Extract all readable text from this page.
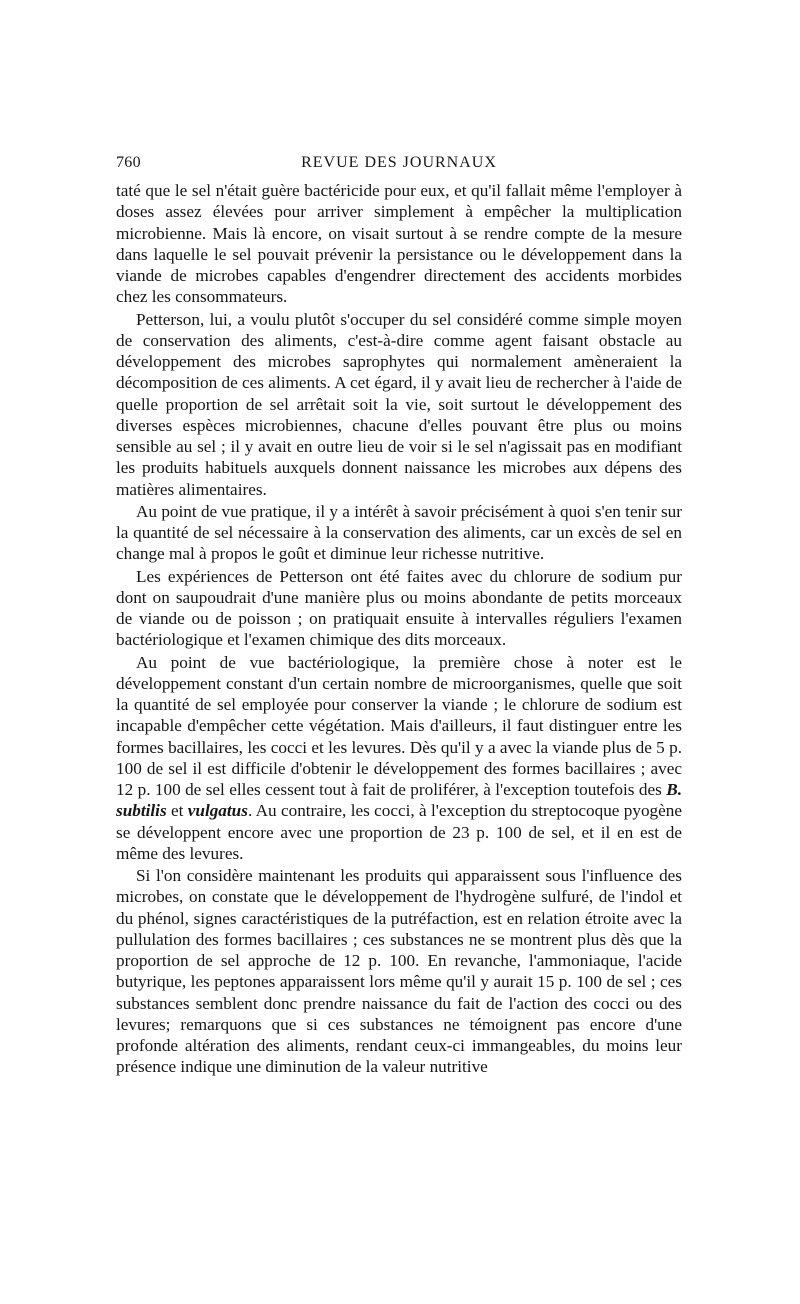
760	REVUE DES JOURNAUX

taté que le sel n'était guère bactéricide pour eux, et qu'il fallait même l'employer à doses assez élevées pour arriver simplement à empêcher la multiplication microbienne. Mais là encore, on visait surtout à se rendre compte de la mesure dans laquelle le sel pouvait prévenir la persistance ou le développement dans la viande de microbes capables d'engendrer directement des accidents morbides chez les consommateurs.

Petterson, lui, a voulu plutôt s'occuper du sel considéré comme simple moyen de conservation des aliments, c'est-à-dire comme agent faisant obstacle au développement des microbes saprophytes qui normalement amèneraient la décomposition de ces aliments. A cet égard, il y avait lieu de rechercher à l'aide de quelle proportion de sel arrêtait soit la vie, soit surtout le développement des diverses espèces microbiennes, chacune d'elles pouvant être plus ou moins sensible au sel ; il y avait en outre lieu de voir si le sel n'agissait pas en modifiant les produits habituels auxquels donnent naissance les microbes aux dépens des matières alimentaires.

Au point de vue pratique, il y a intérêt à savoir précisément à quoi s'en tenir sur la quantité de sel nécessaire à la conservation des aliments, car un excès de sel en change mal à propos le goût et diminue leur richesse nutritive.

Les expériences de Petterson ont été faites avec du chlorure de sodium pur dont on saupoudrait d'une manière plus ou moins abondante de petits morceaux de viande ou de poisson ; on pratiquait ensuite à intervalles réguliers l'examen bactériologique et l'examen chimique des dits morceaux.

Au point de vue bactériologique, la première chose à noter est le développement constant d'un certain nombre de microorganismes, quelle que soit la quantité de sel employée pour conserver la viande ; le chlorure de sodium est incapable d'empêcher cette végétation. Mais d'ailleurs, il faut distinguer entre les formes bacillaires, les cocci et les levures. Dès qu'il y a avec la viande plus de 5 p. 100 de sel il est difficile d'obtenir le développement des formes bacillaires ; avec 12 p. 100 de sel elles cessent tout à fait de proliférer, à l'exception toutefois des B. subtilis et vulgatus. Au contraire, les cocci, à l'exception du streptocoque pyogène se développent encore avec une proportion de 23 p. 100 de sel, et il en est de même des levures.

Si l'on considère maintenant les produits qui apparaissent sous l'influence des microbes, on constate que le développement de l'hydrogène sulfuré, de l'indol et du phénol, signes caractéristiques de la putréfaction, est en relation étroite avec la pullulation des formes bacillaires ; ces substances ne se montrent plus dès que la proportion de sel approche de 12 p. 100. En revanche, l'ammoniaque, l'acide butyrique, les peptones apparaissent lors même qu'il y aurait 15 p. 100 de sel ; ces substances semblent donc prendre naissance du fait de l'action des cocci ou des levures; remarquons que si ces substances ne témoignent pas encore d'une profonde altération des aliments, rendant ceux-ci immangeables, du moins leur présence indique une diminution de la valeur nutritive
